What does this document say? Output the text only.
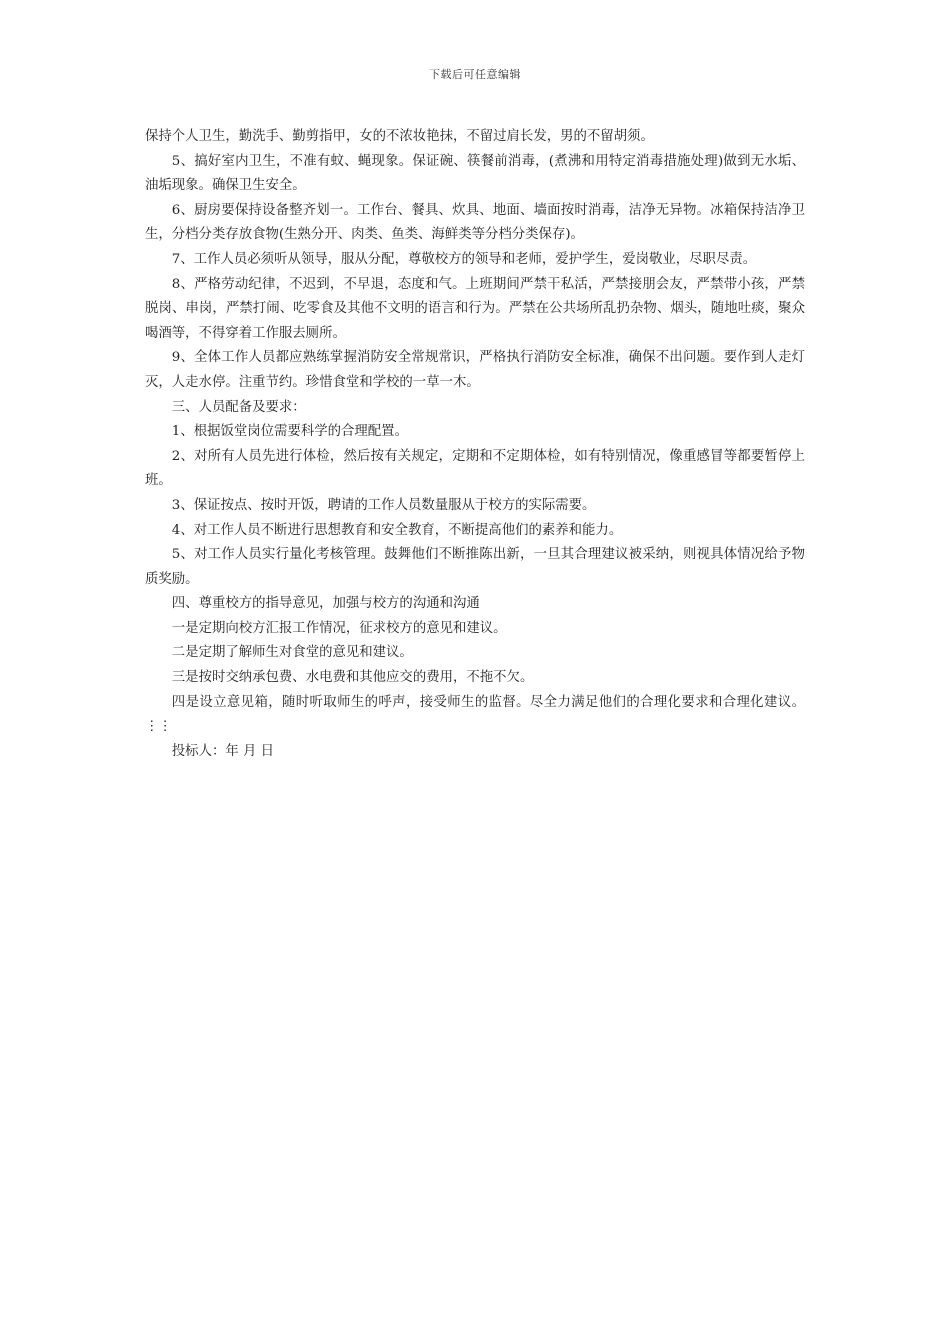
下载后可任意编辑

保持个人卫生，勤洗手、勤剪指甲，女的不浓妆艳抹，不留过肩长发，男的不留胡须。

5、搞好室内卫生，不准有蚊、蝇现象。保证碗、筷餐前消毒，(煮沸和用特定消毒措施处理)做到无水垢、油垢现象。确保卫生安全。

6、厨房要保持设备整齐划一。工作台、餐具、炊具、地面、墙面按时消毒，洁净无异物。冰箱保持洁净卫生，分档分类存放食物(生熟分开、肉类、鱼类、海鲜类等分档分类保存)。

7、工作人员必须听从领导，服从分配，尊敬校方的领导和老师，爱护学生，爱岗敬业，尽职尽责。

8、严格劳动纪律，不迟到，不早退，态度和气。上班期间严禁干私活，严禁接朋会友，严禁带小孩，严禁脱岗、串岗，严禁打闹、吃零食及其他不文明的语言和行为。严禁在公共场所乱扔杂物、烟头，随地吐痰，聚众喝酒等，不得穿着工作服去厕所。

9、全体工作人员都应熟练掌握消防安全常规常识，严格执行消防安全标准，确保不出问题。要作到人走灯灭，人走水停。注重节约。珍惜食堂和学校的一草一木。

三、人员配备及要求：

1、根据饭堂岗位需要科学的合理配置。

2、对所有人员先进行体检，然后按有关规定，定期和不定期体检，如有特别情况，像重感冒等都要暂停上班。

3、保证按点、按时开饭，聘请的工作人员数量服从于校方的实际需要。

4、对工作人员不断进行思想教育和安全教育，不断提高他们的素养和能力。

5、对工作人员实行量化考核管理。鼓舞他们不断推陈出新，一旦其合理建议被采纳，则视具体情况给予物质奖励。

四、尊重校方的指导意见，加强与校方的沟通和沟通

一是定期向校方汇报工作情况，征求校方的意见和建议。

二是定期了解师生对食堂的意见和建议。

三是按时交纳承包费、水电费和其他应交的费用，不拖不欠。

四是设立意见箱，随时听取师生的呼声，接受师生的监督。尽全力满足他们的合理化要求和合理化建议。⋮⋮

投标人：年 月 日
